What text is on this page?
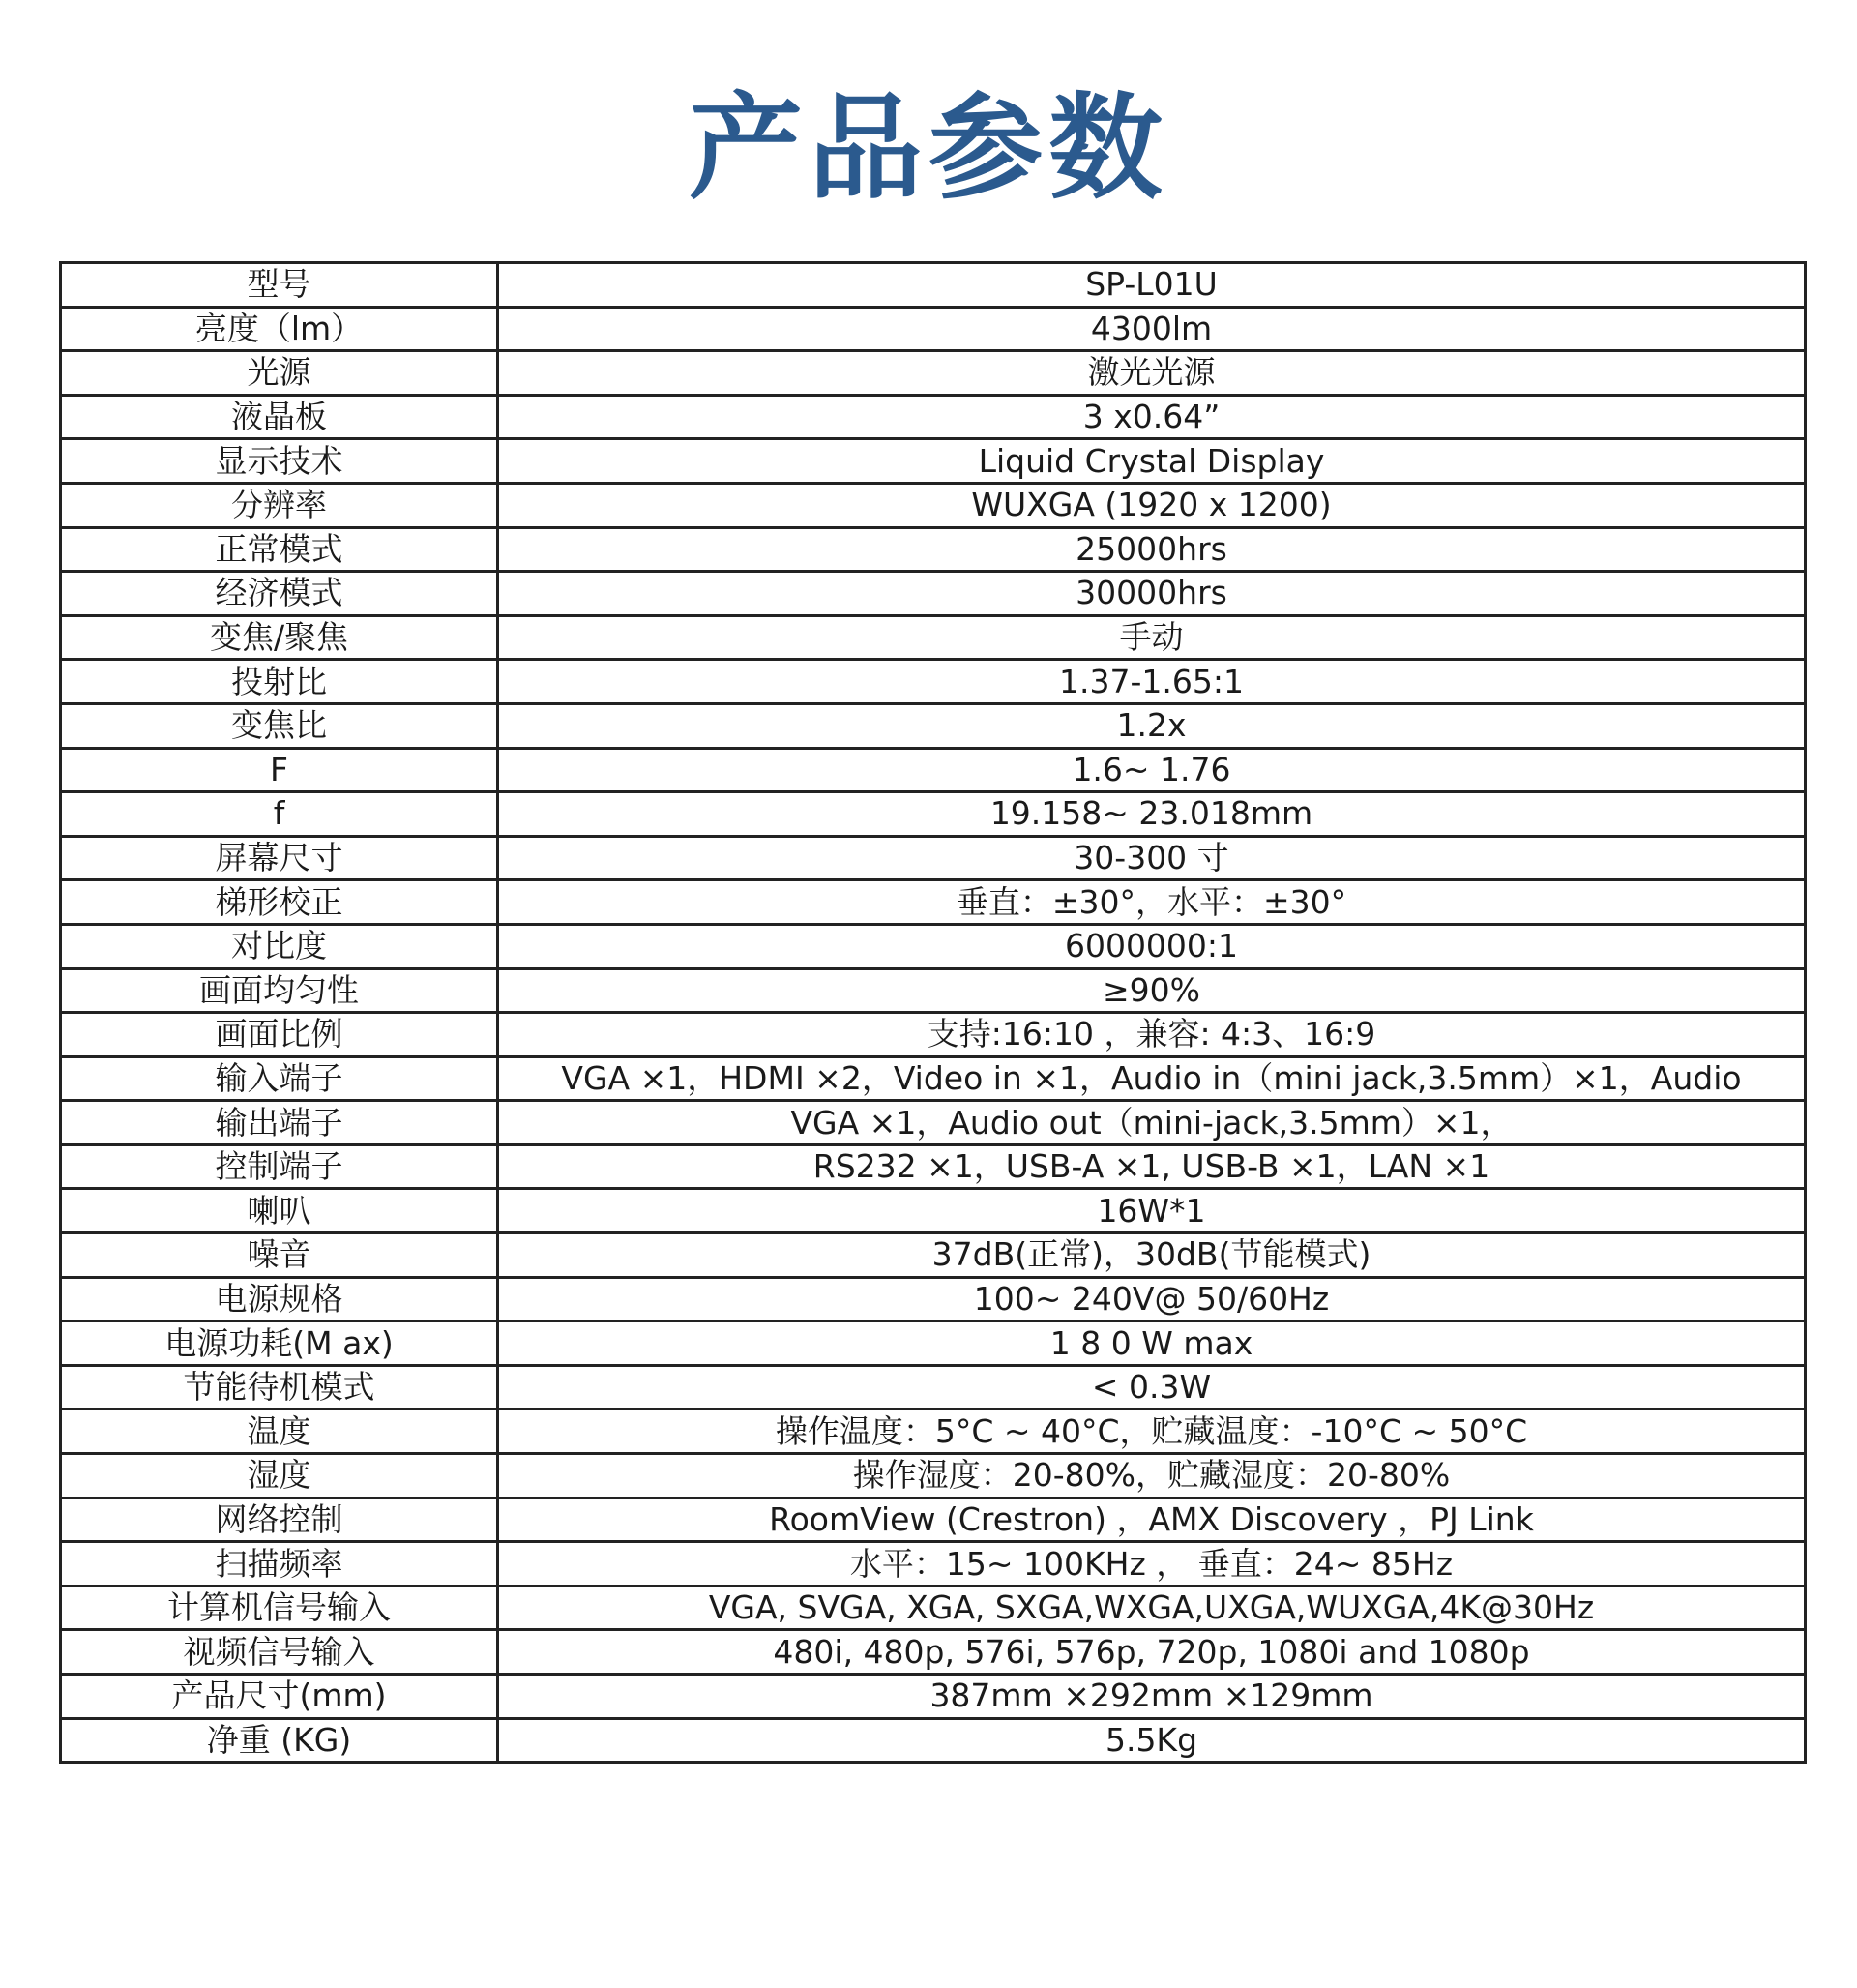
产品参数
型号	SP-L01U
亮度（lm）	4300lm
光源	激光光源
液晶板	3 x0.64”
显示技术	Liquid Crystal Display
分辨率	WUXGA (1920 x 1200)
正常模式	25000hrs
经济模式	30000hrs
变焦/聚焦	手动
投射比	1.37-1.65:1
变焦比	1.2x
F	1.6~ 1.76
f	19.158~ 23.018mm
屏幕尺寸	30-300 寸
梯形校正	垂直：±30°，水平：±30°
对比度	6000000:1
画面均匀性	≥90%
画面比例	支持:16:10 ，兼容: 4:3、16:9
输入端子	VGA ×1，HDMI ×2，Video in ×1，Audio in（mini jack,3.5mm）×1，Audio
输出端子	VGA ×1，Audio out（mini-jack,3.5mm）×1，
控制端子	RS232 ×1，USB-A ×1, USB-B ×1，LAN ×1
喇叭	16W*1
噪音	37dB(正常)，30dB(节能模式)
电源规格	100~ 240V@ 50/60Hz
电源功耗(M ax)	1 8 0 W max
节能待机模式	< 0.3W
温度	操作温度：5°C ~ 40°C，贮藏温度：-10°C ~ 50°C
湿度	操作湿度：20-80%，贮藏湿度：20-80%
网络控制	RoomView (Crestron) ，AMX Discovery ，PJ Link
扫描频率	水平：15~ 100KHz ， 垂直：24~ 85Hz
计算机信号输入	VGA, SVGA, XGA, SXGA,WXGA,UXGA,WUXGA,4K@30Hz
视频信号输入	480i, 480p, 576i, 576p, 720p, 1080i and 1080p
产品尺寸(mm)	387mm ×292mm ×129mm
净重 (KG)	5.5Kg
